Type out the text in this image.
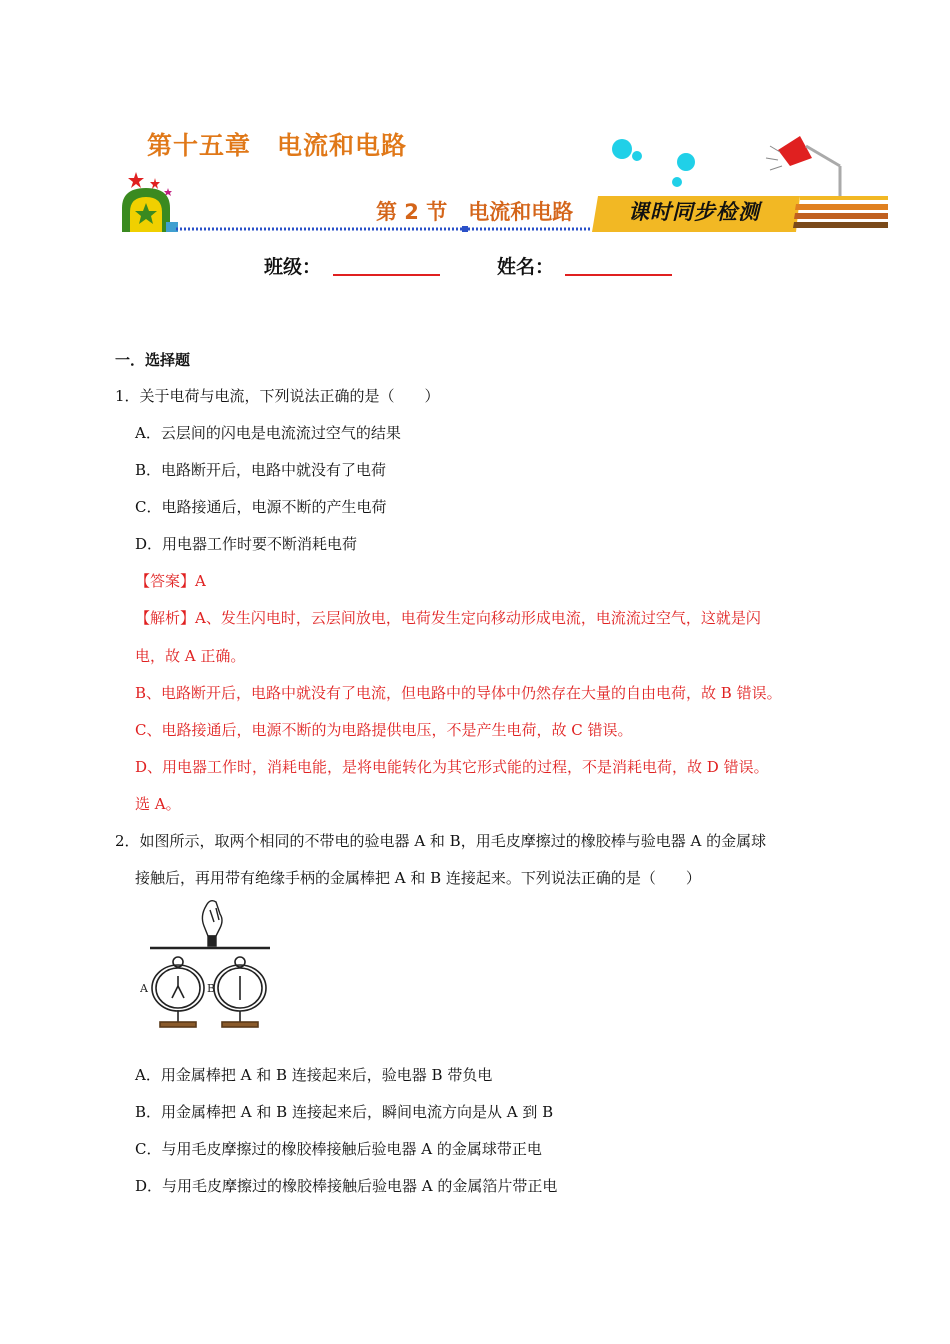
第十五章　电流和电路
第 2 节　电流和电路	课时同步检测
班级：	姓名：
一．选择题
1．关于电荷与电流，下列说法正确的是（　　）
A．云层间的闪电是电流流过空气的结果
B．电路断开后，电路中就没有了电荷
C．电路接通后，电源不断的产生电荷
D．用电器工作时要不断消耗电荷
【答案】A
【解析】A、发生闪电时，云层间放电，电荷发生定向移动形成电流，电流流过空气，这就是闪
电，故 A 正确。
B、电路断开后，电路中就没有了电流，但电路中的导体中仍然存在大量的自由电荷，故 B 错误。
C、电路接通后，电源不断的为电路提供电压，不是产生电荷，故 C 错误。
D、用电器工作时，消耗电能，是将电能转化为其它形式能的过程，不是消耗电荷，故 D 错误。
选 A。
2．如图所示，取两个相同的不带电的验电器 A 和 B，用毛皮摩擦过的橡胶棒与验电器 A 的金属球
接触后，再用带有绝缘手柄的金属棒把 A 和 B 连接起来。下列说法正确的是（　　）
A	B
A．用金属棒把 A 和 B 连接起来后，验电器 B 带负电
B．用金属棒把 A 和 B 连接起来后，瞬间电流方向是从 A 到 B
C．与用毛皮摩擦过的橡胶棒接触后验电器 A 的金属球带正电
D．与用毛皮摩擦过的橡胶棒接触后验电器 A 的金属箔片带正电
